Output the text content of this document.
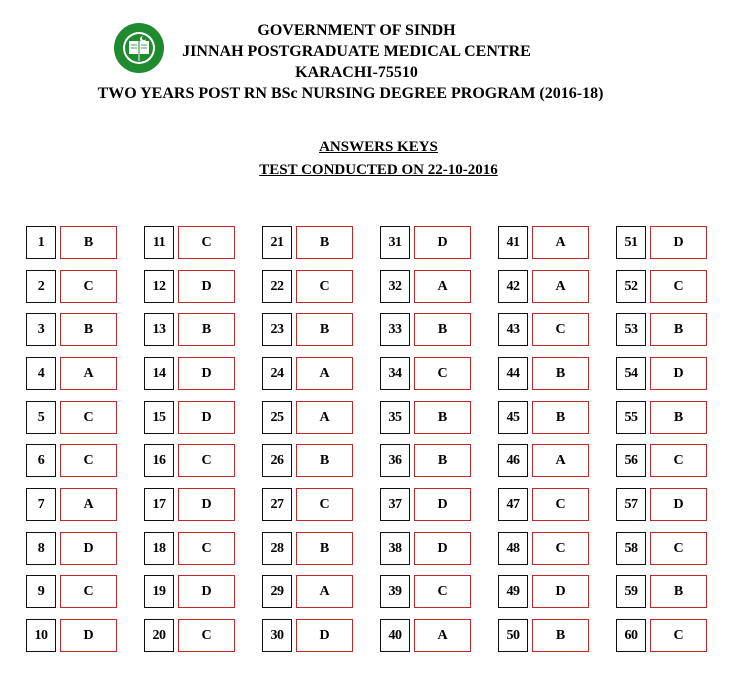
GOVERNMENT OF SINDH
JINNAH POSTGRADUATE MEDICAL CENTRE
KARACHI-75510
TWO YEARS POST RN BSc NURSING DEGREE PROGRAM (2016-18)
ANSWERS KEYS
TEST CONDUCTED ON 22-10-2016
1	B
2	C
3	B
4	A
5	C
6	C
7	A
8	D
9	C
10	D
11	C
12	D
13	B
14	D
15	D
16	C
17	D
18	C
19	D
20	C
21	B
22	C
23	B
24	A
25	A
26	B
27	C
28	B
29	A
30	D
31	D
32	A
33	B
34	C
35	B
36	B
37	D
38	D
39	C
40	A
41	A
42	A
43	C
44	B
45	B
46	A
47	C
48	C
49	D
50	B
51	D
52	C
53	B
54	D
55	B
56	C
57	D
58	C
59	B
60	C
